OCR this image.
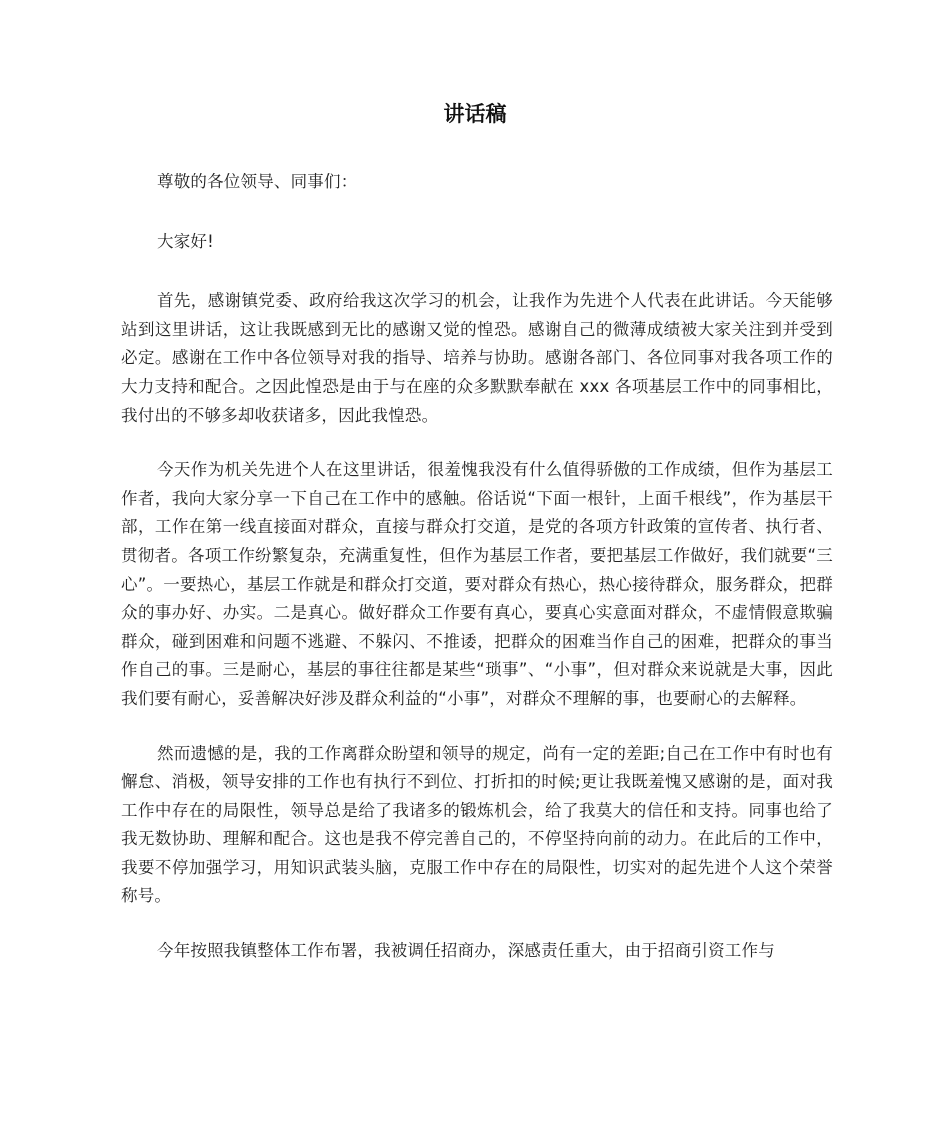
讲话稿

尊敬的各位领导、同事们：

大家好!

首先，感谢镇党委、政府给我这次学习的机会，让我作为先进个人代表在此讲话。今天能够站到这里讲话，这让我既感到无比的感谢又觉的惶恐。感谢自己的微薄成绩被大家关注到并受到必定。感谢在工作中各位领导对我的指导、培养与协助。感谢各部门、各位同事对我各项工作的大力支持和配合。之因此惶恐是由于与在座的众多默默奉献在 xxx 各项基层工作中的同事相比，我付出的不够多却收获诸多，因此我惶恐。

今天作为机关先进个人在这里讲话，很羞愧我没有什么值得骄傲的工作成绩，但作为基层工作者，我向大家分享一下自己在工作中的感触。俗话说“下面一根针，上面千根线”，作为基层干部，工作在第一线直接面对群众，直接与群众打交道，是党的各项方针政策的宣传者、执行者、贯彻者。各项工作纷繁复杂，充满重复性，但作为基层工作者，要把基层工作做好，我们就要“三心”。一要热心，基层工作就是和群众打交道，要对群众有热心，热心接待群众，服务群众，把群众的事办好、办实。二是真心。做好群众工作要有真心，要真心实意面对群众，不虚情假意欺骗群众，碰到困难和问题不逃避、不躲闪、不推诿，把群众的困难当作自己的困难，把群众的事当作自己的事。三是耐心，基层的事往往都是某些“琐事”、“小事”，但对群众来说就是大事，因此我们要有耐心，妥善解决好涉及群众利益的“小事”，对群众不理解的事，也要耐心的去解释。

然而遗憾的是，我的工作离群众盼望和领导的规定，尚有一定的差距;自己在工作中有时也有懈怠、消极，领导安排的工作也有执行不到位、打折扣的时候;更让我既羞愧又感谢的是，面对我工作中存在的局限性，领导总是给了我诸多的锻炼机会，给了我莫大的信任和支持。同事也给了我无数协助、理解和配合。这也是我不停完善自己的，不停坚持向前的动力。在此后的工作中，我要不停加强学习，用知识武装头脑，克服工作中存在的局限性，切实对的起先进个人这个荣誉称号。

今年按照我镇整体工作布署，我被调任招商办，深感责任重大，由于招商引资工作与
